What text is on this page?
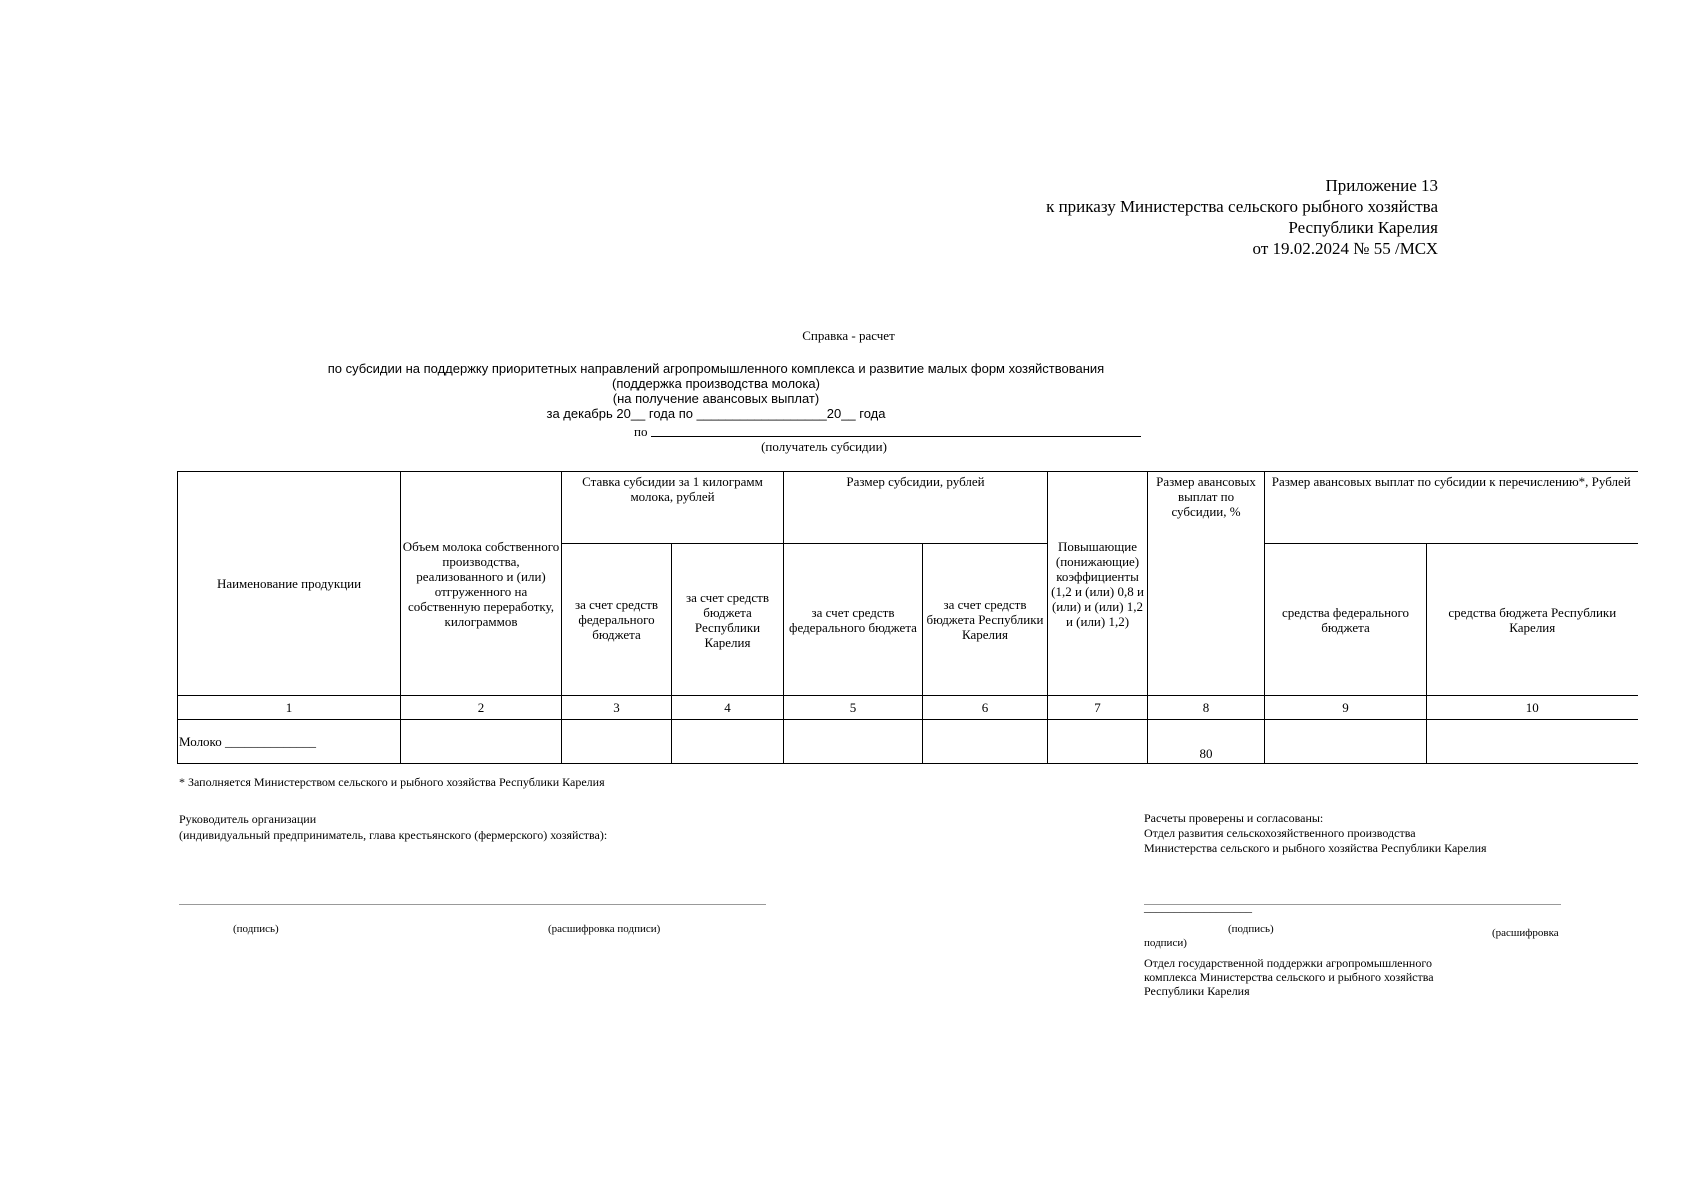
Приложение 13
к приказу Министерства сельского рыбного хозяйства
Республики Карелия
от 19.02.2024 № 55 /МСХ
Справка - расчет
по субсидии на поддержку приоритетных направлений агропромышленного комплекса и развитие малых форм хозяйствования
(поддержка производства молока)
(на получение авансовых выплат)
за декабрь 20__ года по __________________20__ года
по
(получатель субсидии)
Наименование продукции	Объем молока собственного производства, реализованного и (или) отгруженного на собственную переработку, килограммов	Ставка субсидии за 1 килограмм молока, рублей		Размер субсидии, рублей		Повышающие (понижающие) коэффициенты (1,2 и (или) 0,8 и (или) и (или) 1,2 и (или) 1,2)	Размер авансовых выплат по субсидии, %	Размер авансовых выплат по субсидии к перечислению*, Рублей	
		за счет средств федерального бюджета	за счет средств бюджета Республики Карелия	за счет средств федерального бюджета	за счет средств бюджета Республики Карелия			средства федерального бюджета	средства бюджета Республики Карелия
1	2	3	4	5	6	7	8	9	10
Молоко ______________							80		
* Заполняется Министерством сельского и рыбного хозяйства Республики Карелия
Руководитель организации
(индивидуальный предприниматель, глава крестьянского (фермерского) хозяйства):
(подпись)	(расшифровка подписи)
Расчеты проверены и согласованы:
Отдел развития сельскохозяйственного производства
Министерства сельского и рыбного хозяйства Республики Карелия
__________________
(подпись)	(расшифровка
подписи)
Отдел государственной поддержки агропромышленного
комплекса Министерства сельского и рыбного хозяйства
Республики Карелия
